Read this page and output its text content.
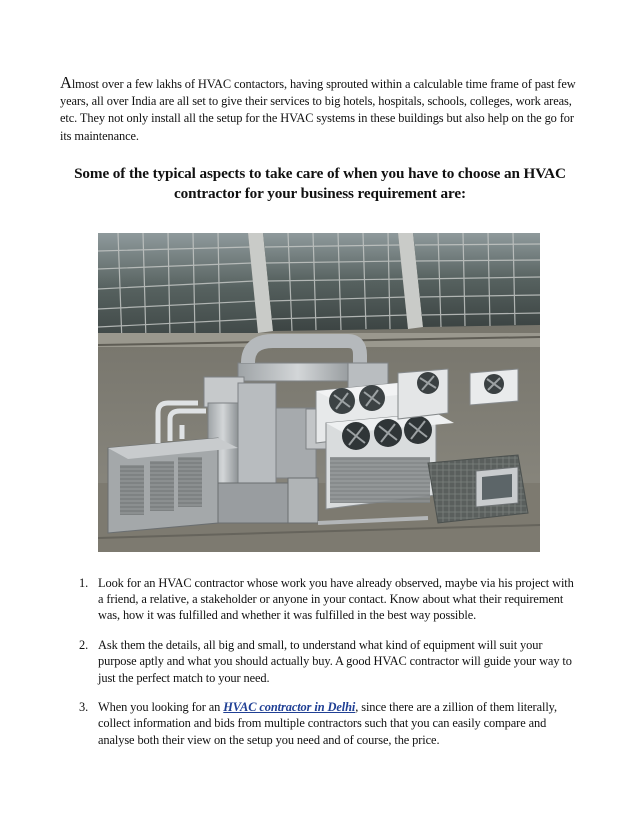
Almost over a few lakhs of HVAC contactors, having sprouted within a calculable time frame of past few years, all over India are all set to give their services to big hotels, hospitals, schools, colleges, work areas, etc. They not only install all the setup for the HVAC systems in these buildings but also help on the go for its maintenance.

Some of the typical aspects to take care of when you have to choose an HVAC contractor for your business requirement are:
1. Look for an HVAC contractor whose work you have already observed, maybe via his project with a friend, a relative, a stakeholder or anyone in your contact. Know about what their requirement was, how it was fulfilled and whether it was fulfilled in the best way possible.
2. Ask them the details, all big and small, to understand what kind of equipment will suit your purpose aptly and what you should actually buy. A good HVAC contractor will guide your way to just the perfect match to your need.
3. When you looking for an HVAC contractor in Delhi, since there are a zillion of them literally, collect information and bids from multiple contractors such that you can easily compare and analyse both their view on the setup you need and of course, the price.
